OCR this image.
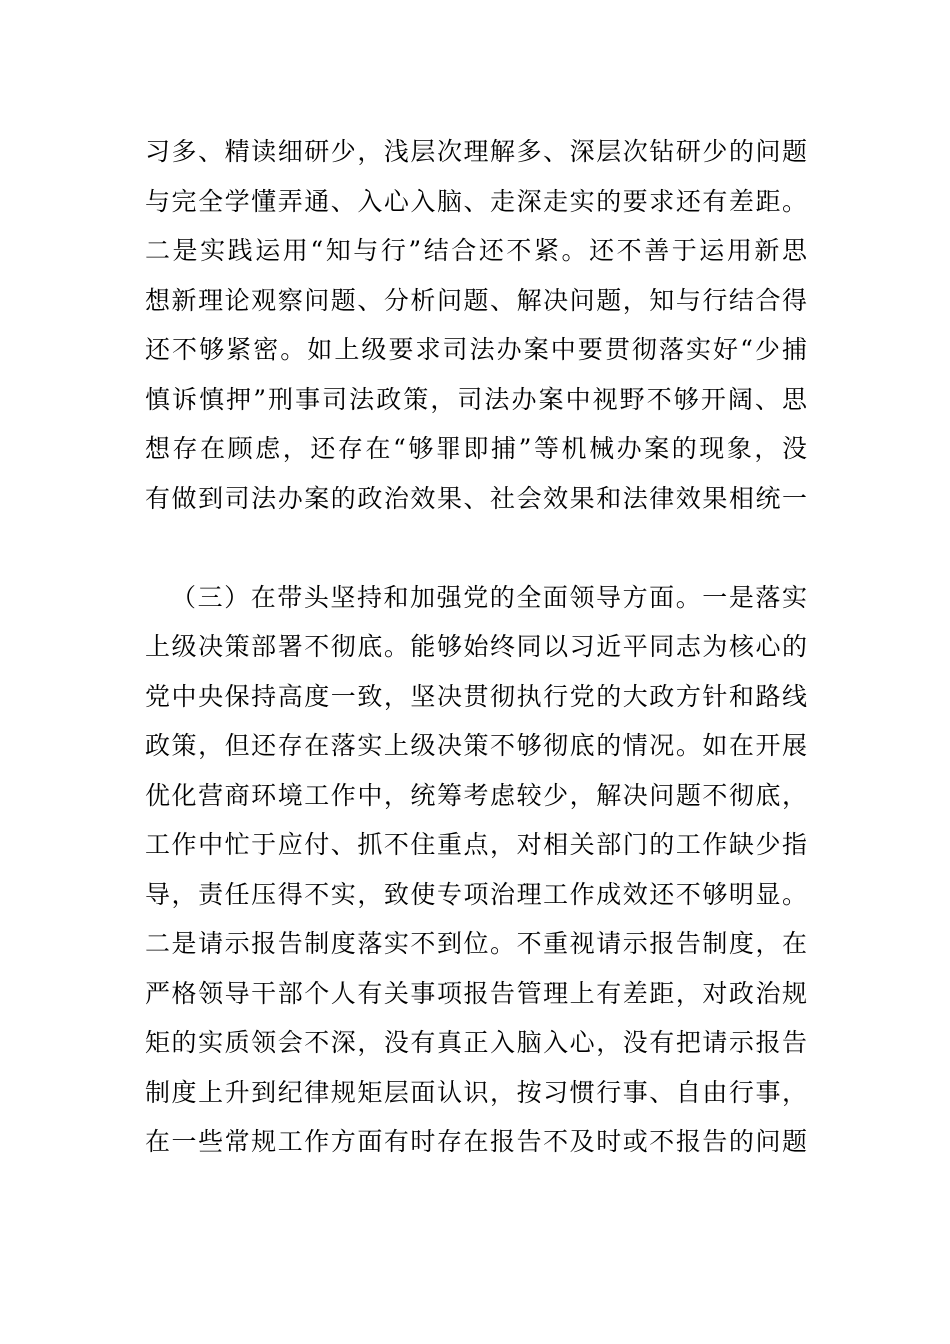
习多、精读细研少，浅层次理解多、深层次钻研少的问题
与完全学懂弄通、入心入脑、走深走实的要求还有差距。
二是实践运用“知与行”结合还不紧。还不善于运用新思
想新理论观察问题、分析问题、解决问题，知与行结合得
还不够紧密。如上级要求司法办案中要贯彻落实好“少捕
慎诉慎押”刑事司法政策，司法办案中视野不够开阔、思
想存在顾虑，还存在“够罪即捕”等机械办案的现象，没
有做到司法办案的政治效果、社会效果和法律效果相统一
（三）在带头坚持和加强党的全面领导方面。一是落实
上级决策部署不彻底。能够始终同以习近平同志为核心的
党中央保持高度一致，坚决贯彻执行党的大政方针和路线
政策，但还存在落实上级决策不够彻底的情况。如在开展
优化营商环境工作中，统筹考虑较少，解决问题不彻底，
工作中忙于应付、抓不住重点，对相关部门的工作缺少指
导，责任压得不实，致使专项治理工作成效还不够明显。
二是请示报告制度落实不到位。不重视请示报告制度，在
严格领导干部个人有关事项报告管理上有差距，对政治规
矩的实质领会不深，没有真正入脑入心，没有把请示报告
制度上升到纪律规矩层面认识，按习惯行事、自由行事，
在一些常规工作方面有时存在报告不及时或不报告的问题
